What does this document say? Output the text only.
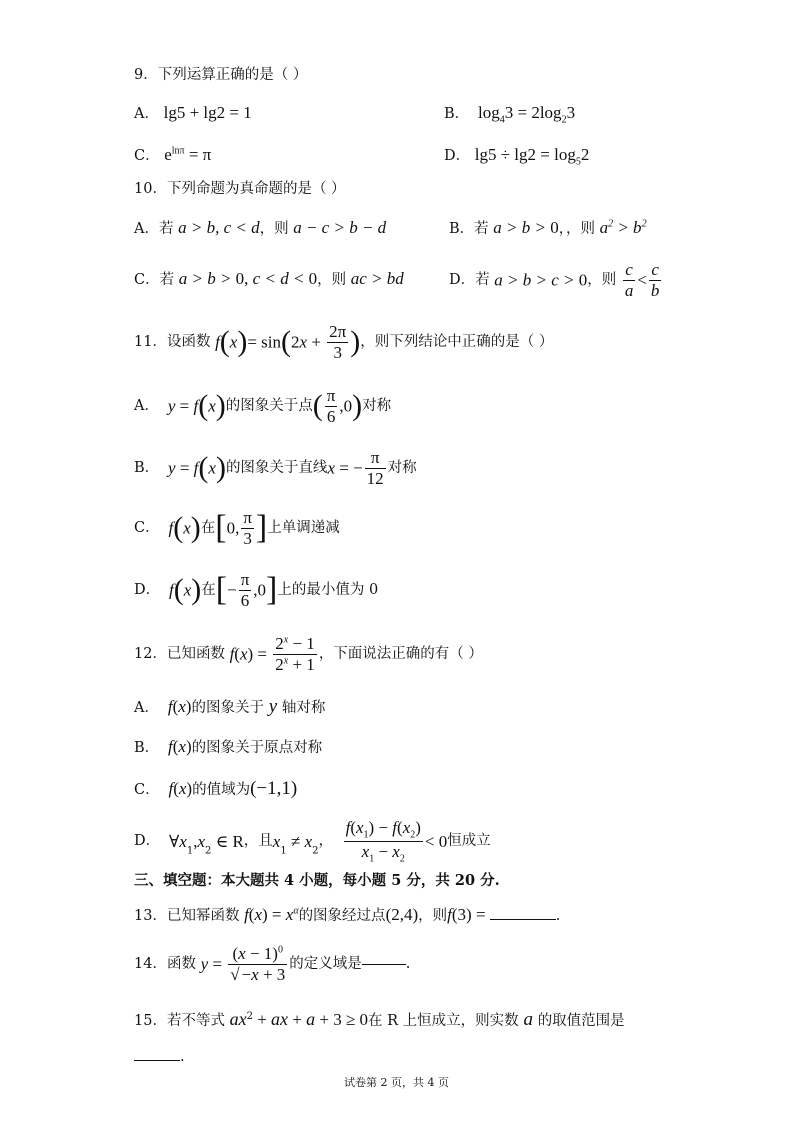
9．下列运算正确的是（ ）
A． lg5 + lg2 = 1	B．  $\log_43 = 2\log_23$
C． $e^{ln\pi} = \pi$	D． $\lg 5 \div \lg 2 = \log_52$
10．下列命题为真命题的是（ ）
A．若 a > b, c < d，则 a − c > b − d	B．若 a > b > 0，，则 $a^2 > b^2$
C．若 a > b > 0, c < d < 0，则 ac > bd	D．若 a > b > c > 0，则 $\frac{c}{a} < \frac{c}{b}$
11．设函数 $f(x)= \sin(2x + \frac{2\pi}{3}$ )，则下列结论中正确的是（ ）
A．  y = f(x)的图象关于点( $\frac{\pi}{6} ,0$)对称
B．  y = f(x)的图象关于直线x = − $\frac{\pi}{12}$ 对称
C．  f(x)在[0, $\frac{\pi}{3}$ ]上单调递减
D．  f(x)在[− $\frac{\pi}{6} ,0$]上的最小值为 0
12．已知函数 $f(x) = \frac{2^x - 1}{2^x + 1}$ ，下面说法正确的有（ ）
A．  f(x)的图象关于 y 轴对称
B．  f(x)的图象关于原点对称
C．  f(x)的值域为(−1,1)
D．  $\forall x_1,x_2$ ∈ R，且$x_1 \ne x_2$， $\frac{f(x_1) - f(x_2)}{x_1 - x_2} < 0$恒成立
三、填空题：本大题共 4 小题，每小题 5 分，共 20 分.
13．已知幂函数 $f(x) = x^\alpha$的图象经过点(2,4)，则f(3) =	.
14．函数 $y = \frac{(x - 1)^0}{√ -x + 3}$ 的定义域是	.
15．若不等式 $ax^2$ + ax + a + 3 ≥ 0在 R 上恒成立，则实数 a 的取值范围是
.
试卷第 2 页，共 4 页
